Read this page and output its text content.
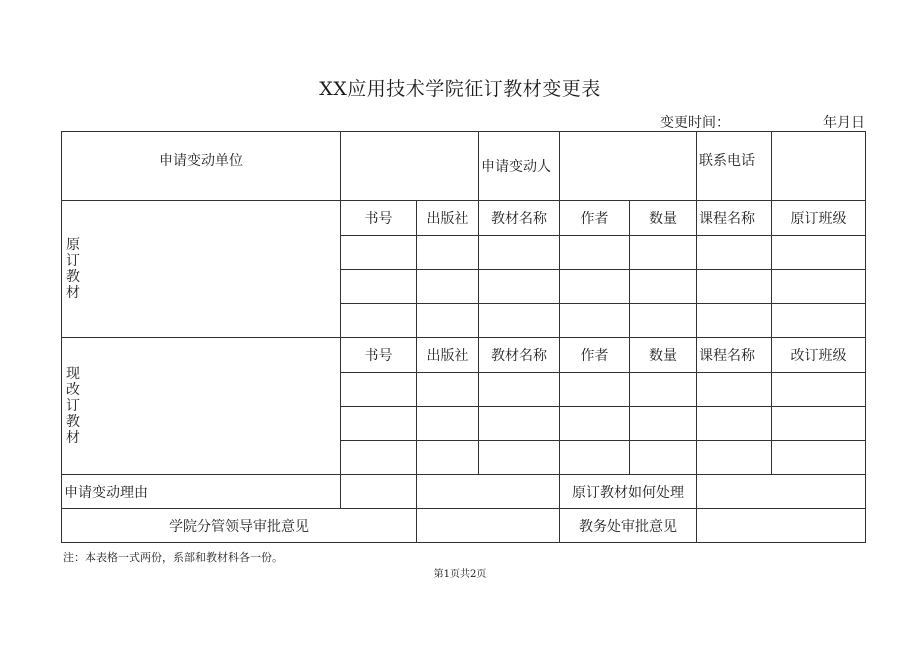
XX应用技术学院征订教材变更表
变更时间：	年月日
申请变动单位			申请变动人			联系电话	

原订教材	书号	出版社	教材名称	作者	数量	课程名称	原订班级

现改订教材	书号	出版社	教材名称	作者	数量	课程名称	改订班级

申请变动理由				原订教材如何处理			
学院分管领导审批意见				教务处审批意见			
注：本表格一式两份，系部和教材科各一份。
第1页共2页
